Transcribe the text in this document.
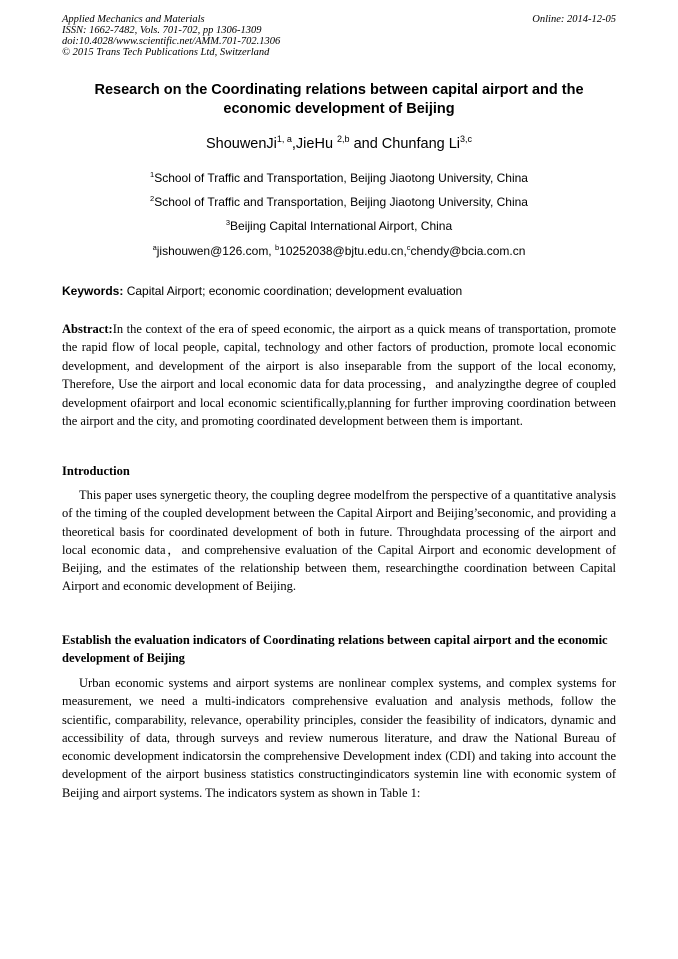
Applied Mechanics and Materials
ISSN: 1662-7482, Vols. 701-702, pp 1306-1309
doi:10.4028/www.scientific.net/AMM.701-702.1306
© 2015 Trans Tech Publications Ltd, Switzerland
Online: 2014-12-05
Research on the Coordinating relations between capital airport and the economic development of Beijing
ShouwenJi$^{1, a}$,JieHu $^{2,b}$ and Chunfang Li$^{3,c}$
$^1$School of Traffic and Transportation, Beijing Jiaotong University, China
$^2$School of Traffic and Transportation, Beijing Jiaotong University, China
$^3$Beijing Capital International Airport, China
$^a$jishouwen@126.com, $^b$10252038@bjtu.edu.cn,$^c$chendy@bcia.com.cn
Keywords: Capital Airport; economic coordination; development evaluation
Abstract:In the context of the era of speed economic, the airport as a quick means of transportation, promote the rapid flow of local people, capital, technology and other factors of production, promote local economic development, and development of the airport is also inseparable from the support of the local economy, Therefore, Use the airport and local economic data for data processing，and analyzingthe degree of coupled development ofairport and local economic scientifically,planning for further improving coordination between the airport and the city, and promoting coordinated development between them is important.
Introduction
This paper uses synergetic theory, the coupling degree modelfrom the perspective of a quantitative analysis of the timing of the coupled development between the Capital Airport and Beijing’seconomic, and providing a theoretical basis for coordinated development of both in future. Throughdata processing of the airport and local economic data，and comprehensive evaluation of the Capital Airport and economic development of Beijing, and the estimates of the relationship between them, researchingthe coordination between Capital Airport and economic development of Beijing.
Establish the evaluation indicators of Coordinating relations between capital airport and the economic development of Beijing
Urban economic systems and airport systems are nonlinear complex systems, and complex systems for measurement, we need a multi-indicators comprehensive evaluation and analysis methods, follow the scientific, comparability, relevance, operability principles, consider the feasibility of indicators, dynamic and accessibility of data, through surveys and review numerous literature, and draw the National Bureau of economic development indicatorsin the comprehensive Development index (CDI) and taking into account the development of the airport business statistics constructingindicators systemin line with economic system of Beijing and airport systems. The indicators system as shown in Table 1:
